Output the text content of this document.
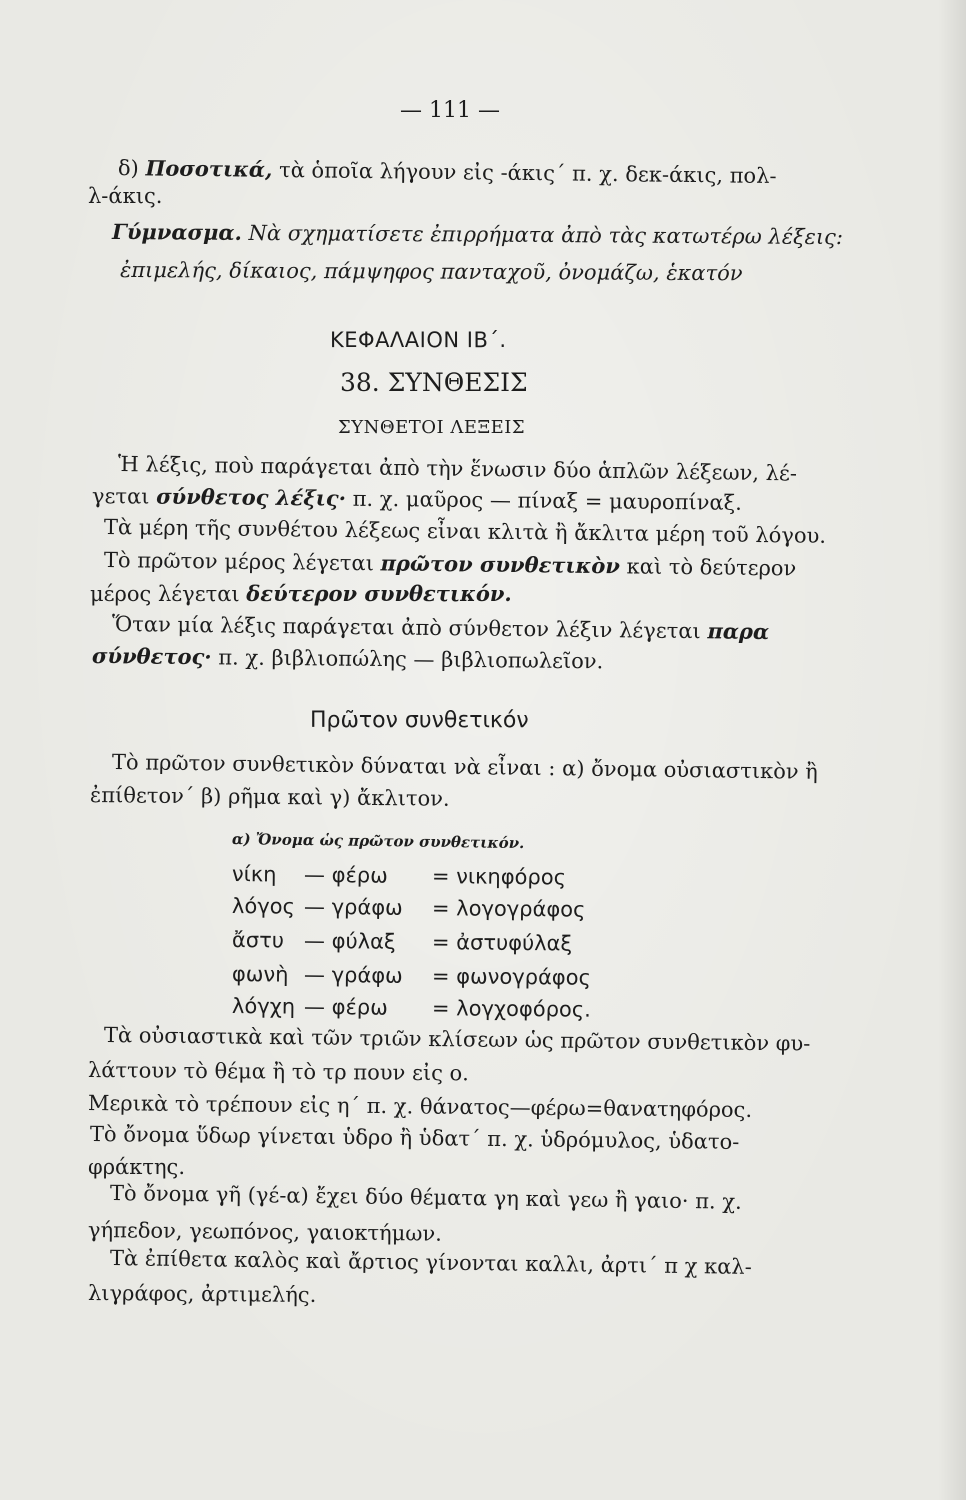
— 111 —
δ) Ποσοτικά, τὰ ὁποῖα λήγουν εἰς -άκις΄ π. χ. δεκ-άκις, πολ-
λ-άκις.
Γύμνασμα. Νὰ σχηματίσετε ἐπιρρήματα ἀπὸ τὰς κατωτέρω λέξεις:
ἐπιμελής, δίκαιος, πάμψηφος πανταχοῦ, ὀνομάζω, ἑκατόν
ΚΕΦΑΛΑΙΟΝ ΙΒ΄.
38. ΣΥΝΘΕΣΙΣ
ΣΥΝΘΕΤΟΙ ΛΕΞΕΙΣ
Ἡ λέξις, ποὺ παράγεται ἀπὸ τὴν ἕνωσιν δύο ἁπλῶν λέξεων, λέ-
γεται σύνθετος λέξις· π. χ. μαῦρος — πίναξ = μαυροπίναξ.
Τὰ μέρη τῆς συνθέτου λέξεως εἶναι κλιτὰ ἢ ἄκλιτα μέρη τοῦ λόγου.
Τὸ πρῶτον μέρος λέγεται πρῶτον συνθετικὸν καὶ τὸ δεύτερον
μέρος λέγεται δεύτερον συνθετικόν.
Ὅταν μία λέξις παράγεται ἀπὸ σύνθετον λέξιν λέγεται παρα
σύνθετος· π. χ. βιβλιοπώλης — βιβλιοπωλεῖον.
Πρῶτον συνθετικόν
Τὸ πρῶτον συνθετικὸν δύναται νὰ εἶναι : α) ὄνομα οὐσιαστικὸν ἢ
ἐπίθετον΄ β) ρῆμα καὶ γ) ἄκλιτον.
α) Ὄνομα ὡς πρῶτον συνθετικόν.
νίκη — φέρω = νικηφόρος
λόγος — γράφω = λογογράφος
ἄστυ — φύλαξ = ἀστυφύλαξ
φωνὴ — γράφω = φωνογράφος
λόγχη — φέρω = λογχοφόρος.
Τὰ οὐσιαστικὰ καὶ τῶν τριῶν κλίσεων ὡς πρῶτον συνθετικὸν φυ-
λάττουν τὸ θέμα ἢ τὸ τρ πουν εἰς ο.
Μερικὰ τὸ τρέπουν εἰς η΄ π. χ. θάνατος—φέρω=θανατηφόρος.
Τὸ ὄνομα ὕδωρ γίνεται ὑδρο ἢ ὑδατ΄ π. χ. ὑδρόμυλος, ὑδατο-
φράκτης.
Τὸ ὄνομα γῆ (γέ-α) ἔχει δύο θέματα γη καὶ γεω ἢ γαιο· π. χ.
γήπεδον, γεωπόνος, γαιοκτήμων.
Τὰ ἐπίθετα καλὸς καὶ ἄρτιος γίνονται καλλι, ἀρτι΄ π χ καλ-
λιγράφος, ἀρτιμελής.
